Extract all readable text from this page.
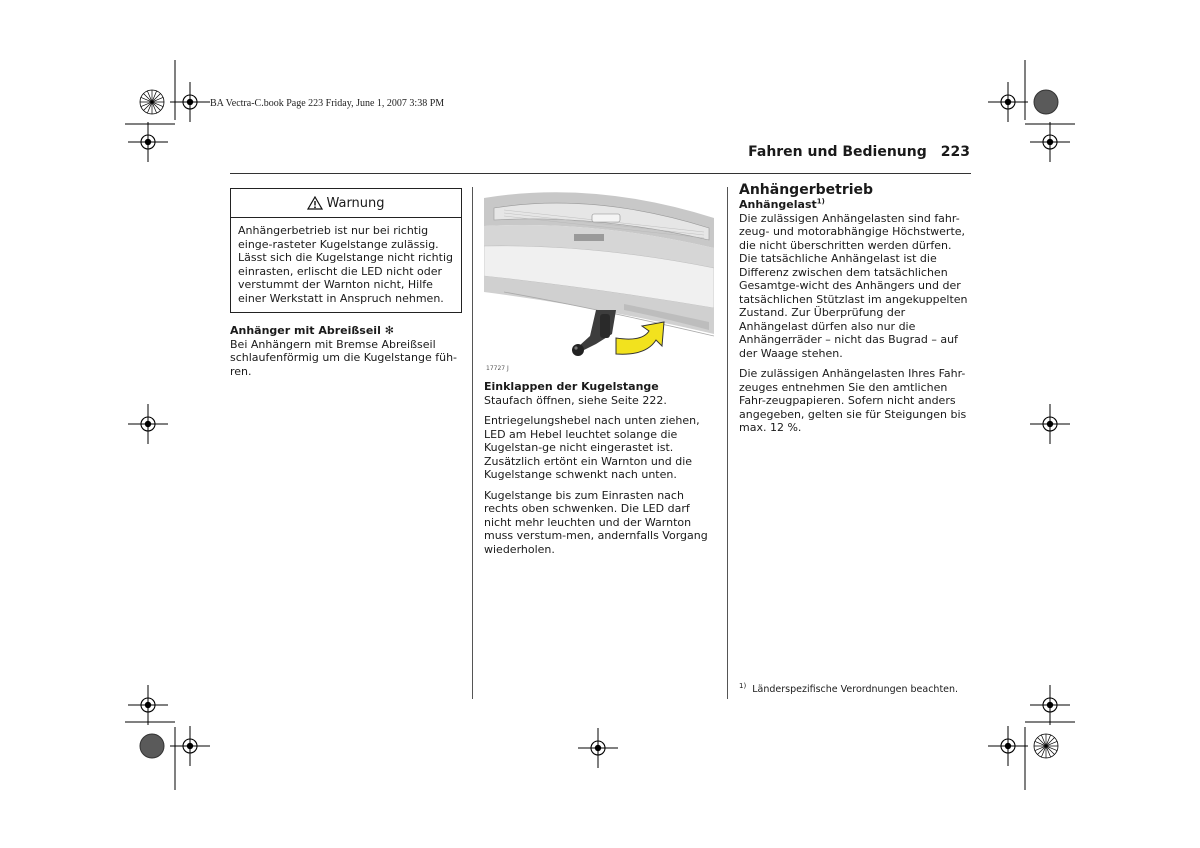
BA Vectra-C.book Page 223 Friday, June 1, 2007 3:38 PM
Fahren und Bedienung 223
Warnung

Anhängerbetrieb ist nur bei richtig einge-rasteter Kugelstange zulässig. Lässt sich die Kugelstange nicht richtig einrasten, erlischt die LED nicht oder verstummt der Warnton nicht, Hilfe einer Werkstatt in Anspruch nehmen.

Anhänger mit Abreißseil ✻

Bei Anhängern mit Bremse Abreißseil schlaufenförmig um die Kugelstange füh-ren.	17727 J

Einklappen der Kugelstange

Staufach öffnen, siehe Seite 222.

Entriegelungshebel nach unten ziehen, LED am Hebel leuchtet solange die Kugelstan-ge nicht eingerastet ist. Zusätzlich ertönt ein Warnton und die Kugelstange schwenkt nach unten.

Kugelstange bis zum Einrasten nach rechts oben schwenken. Die LED darf nicht mehr leuchten und der Warnton muss verstum-men, andernfalls Vorgang wiederholen.

Anhängerbetrieb

Anhängelast$^{1)}$

Die zulässigen Anhängelasten sind fahr-zeug- und motorabhängige Höchstwerte, die nicht überschritten werden dürfen. Die tatsächliche Anhängelast ist die Differenz zwischen dem tatsächlichen Gesamtge-wicht des Anhängers und der tatsächlichen Stützlast im angekuppelten Zustand. Zur Überprüfung der Anhängelast dürfen also nur die Anhängerräder – nicht das Bugrad – auf der Waage stehen.

Die zulässigen Anhängelasten Ihres Fahr-zeuges entnehmen Sie den amtlichen Fahr-zeugpapieren. Sofern nicht anders angegeben, gelten sie für Steigungen bis max. 12 %.

$^{1)}$ Länderspezifische Verordnungen beachten.
